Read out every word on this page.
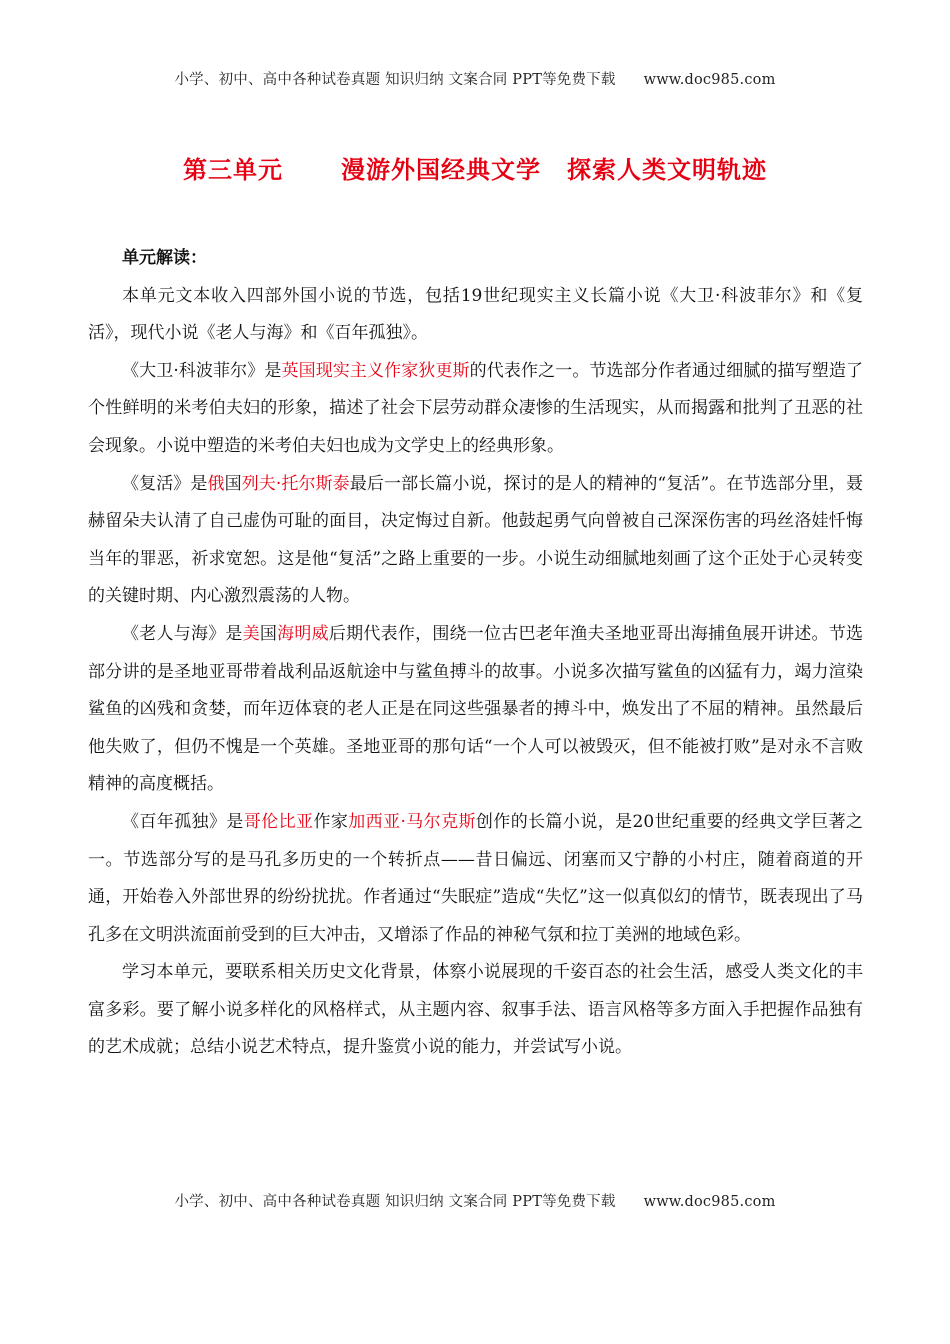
小学、初中、高中各种试卷真题 知识归纳 文案合同 PPT等免费下载 www.doc985.com
第三单元 漫游外国经典文学 探索人类文明轨迹
单元解读：

本单元文本收入四部外国小说的节选，包括19世纪现实主义长篇小说《大卫·科波菲尔》和《复活》，现代小说《老人与海》和《百年孤独》。

《大卫·科波菲尔》是英国现实主义作家狄更斯的代表作之一。节选部分作者通过细腻的描写塑造了个性鲜明的米考伯夫妇的形象，描述了社会下层劳动群众凄惨的生活现实，从而揭露和批判了丑恶的社会现象。小说中塑造的米考伯夫妇也成为文学史上的经典形象。

《复活》是俄国列夫·托尔斯泰最后一部长篇小说，探讨的是人的精神的“复活”。在节选部分里，聂赫留朵夫认清了自己虚伪可耻的面目，决定悔过自新。他鼓起勇气向曾被自己深深伤害的玛丝洛娃忏悔当年的罪恶，祈求宽恕。这是他“复活”之路上重要的一步。小说生动细腻地刻画了这个正处于心灵转变的关键时期、内心激烈震荡的人物。

《老人与海》是美国海明威后期代表作，围绕一位古巴老年渔夫圣地亚哥出海捕鱼展开讲述。节选部分讲的是圣地亚哥带着战利品返航途中与鲨鱼搏斗的故事。小说多次描写鲨鱼的凶猛有力，竭力渲染鲨鱼的凶残和贪婪，而年迈体衰的老人正是在同这些强暴者的搏斗中，焕发出了不屈的精神。虽然最后他失败了，但仍不愧是一个英雄。圣地亚哥的那句话“一个人可以被毁灭，但不能被打败”是对永不言败精神的高度概括。

《百年孤独》是哥伦比亚作家加西亚·马尔克斯创作的长篇小说，是20世纪重要的经典文学巨著之一。节选部分写的是马孔多历史的一个转折点——昔日偏远、闭塞而又宁静的小村庄，随着商道的开通，开始卷入外部世界的纷纷扰扰。作者通过“失眠症”造成“失忆”这一似真似幻的情节，既表现出了马孔多在文明洪流面前受到的巨大冲击，又增添了作品的神秘气氛和拉丁美洲的地域色彩。

学习本单元，要联系相关历史文化背景，体察小说展现的千姿百态的社会生活，感受人类文化的丰富多彩。要了解小说多样化的风格样式，从主题内容、叙事手法、语言风格等多方面入手把握作品独有的艺术成就；总结小说艺术特点，提升鉴赏小说的能力，并尝试写小说。

小学、初中、高中各种试卷真题 知识归纳 文案合同 PPT等免费下载 www.doc985.com
